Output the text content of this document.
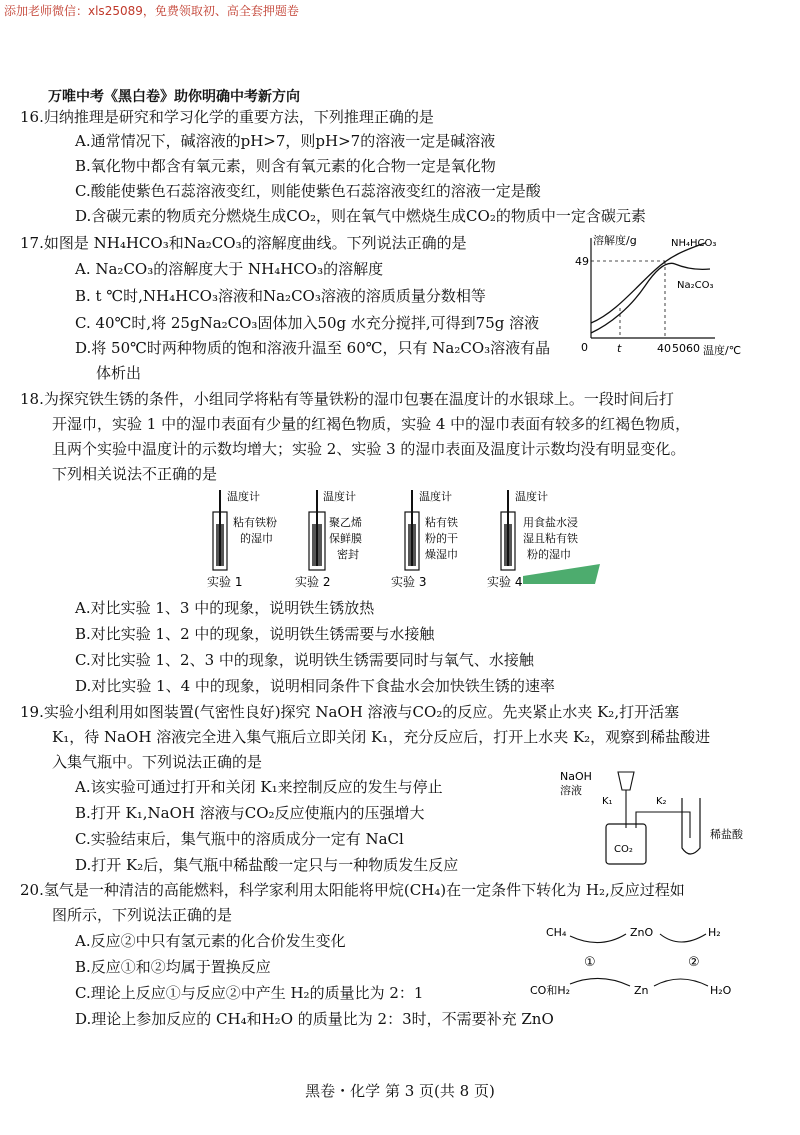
添加老师微信：xls25089，免费领取初、高全套押题卷
万唯中考《黑白卷》助你明确中考新方向
16.归纳推理是研究和学习化学的重要方法，下列推理正确的是
A.通常情况下，碱溶液的pH>7，则pH>7的溶液一定是碱溶液
B.氧化物中都含有氧元素，则含有氧元素的化合物一定是氧化物
C.酸能使紫色石蕊溶液变红，则能使紫色石蕊溶液变红的溶液一定是酸
D.含碳元素的物质充分燃烧生成CO₂，则在氧气中燃烧生成CO₂的物质中一定含碳元素
17.如图是 NH₄HCO₃和Na₂CO₃的溶解度曲线。下列说法正确的是
A. Na₂CO₃的溶解度大于 NH₄HCO₃的溶解度
B. t ℃时,NH₄HCO₃溶液和Na₂CO₃溶液的溶质质量分数相等
C. 40℃时,将 25gNa₂CO₃固体加入50g 水充分搅拌,可得到75g 溶液
D.将 50℃时两种物质的饱和溶液升温至 60℃，只有 Na₂CO₃溶液有晶
体析出
溶解度/g
49
0	t	40 50 60 温度/℃
NH₄HCO₃
Na₂CO₃
18.为探究铁生锈的条件，小组同学将粘有等量铁粉的湿巾包裹在温度计的水银球上。一段时间后打
开湿巾，实验 1 中的湿巾表面有少量的红褐色物质，实验 4 中的湿巾表面有较多的红褐色物质，
且两个实验中温度计的示数均增大；实验 2、实验 3 的湿巾表面及温度计示数均没有明显变化。
下列相关说法不正确的是
温度计
粘有铁粉
的湿巾
实验 1
温度计
聚乙烯
保鲜膜
密封
实验 2
温度计
粘有铁
粉的干
燥湿巾
实验 3
温度计
用食盐水浸
湿且粘有铁
粉的湿巾
实验 4
A.对比实验 1、3 中的现象，说明铁生锈放热
B.对比实验 1、2 中的现象，说明铁生锈需要与水接触
C.对比实验 1、2、3 中的现象，说明铁生锈需要同时与氧气、水接触
D.对比实验 1、4 中的现象，说明相同条件下食盐水会加快铁生锈的速率
19.实验小组利用如图装置(气密性良好)探究 NaOH 溶液与CO₂的反应。先夹紧止水夹 K₂,打开活塞
K₁，待 NaOH 溶液完全进入集气瓶后立即关闭 K₁，充分反应后，打开上水夹 K₂，观察到稀盐酸进
入集气瓶中。下列说法正确的是
A.该实验可通过打开和关闭 K₁来控制反应的发生与停止
B.打开 K₁,NaOH 溶液与CO₂反应使瓶内的压强增大
C.实验结束后，集气瓶中的溶质成分一定有 NaCl
D.打开 K₂后，集气瓶中稀盐酸一定只与一种物质发生反应
NaOH
溶液
K₁
CO₂
K₂
稀盐酸
20.氢气是一种清洁的高能燃料，科学家利用太阳能将甲烷(CH₄)在一定条件下转化为 H₂,反应过程如
图所示，下列说法正确的是
A.反应②中只有氢元素的化合价发生变化
B.反应①和②均属于置换反应
C.理论上反应①与反应②中产生 H₂的质量比为 2：1
D.理论上参加反应的 CH₄和H₂O 的质量比为 2：3时，不需要补充 ZnO
CH₄	ZnO	H₂
①	②
CO和H₂	Zn	H₂O
黑卷・化学 第 3 页(共 8 页)
